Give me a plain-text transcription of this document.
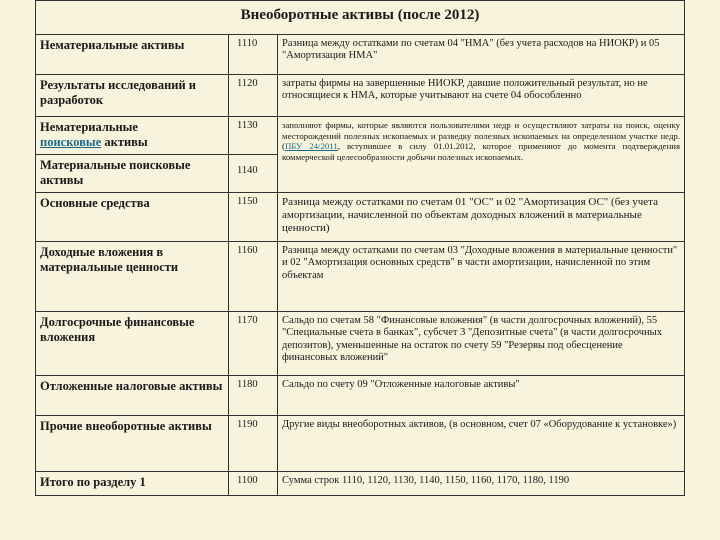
Внеоборотные активы (после 2012)		
Нематериальные активы	1110	Разница между остатками по счетам 04 "НМА" (без учета расходов на НИОКР) и 05 "Амортизация НМА"
Результаты исследований и разработок	1120	затраты фирмы на завершенные НИОКР, давшие положительный результат, но не относящиеся к НМА, которые учитывают на счете 04 обособленно
Нематериальные
поисковые активы	1130	заполняют фирмы, которые являются пользователями недр и осуществляют затраты на поиск, оценку месторождений полезных ископаемых и разведку полезных ископаемых на определенном участке недр. (ПБУ 24/2011, вступившее в силу 01.01.2012, которое применяют до момента подтверждения коммерческой целесообразности добычи полезных ископаемых.
Материальные поисковые активы	1140	
Основные средства	1150	Разница между остатками по счетам 01 "ОС" и 02 "Амортизация ОС" (без учета амортизации, начисленной по объектам доходных вложений в материальные ценности)
Доходные вложения в материальные ценности	1160	Разница между остатками по счетам 03 "Доходные вложения в материальные ценности" и 02 "Амортизация основных средств" в части амортизации, начисленной по этим объектам
Долгосрочные финансовые вложения	1170	Сальдо по счетам 58 "Финансовые вложения" (в части долгосрочных вложений), 55 "Специальные счета в банках", субсчет 3 "Депозитные счета" (в части долгосрочных депозитов), уменьшенные на остаток по счету 59 "Резервы под обесценение финансовых вложений"
Отложенные налоговые активы	1180	Сальдо по счету 09 "Отложенные налоговые активы"
Прочие внеоборотные активы	1190	Другие виды внеоборотных активов, (в основном, счет 07 «Оборудование к установке»)
Итого по разделу 1	1100	Сумма строк 1110, 1120, 1130, 1140, 1150, 1160, 1170, 1180, 1190
